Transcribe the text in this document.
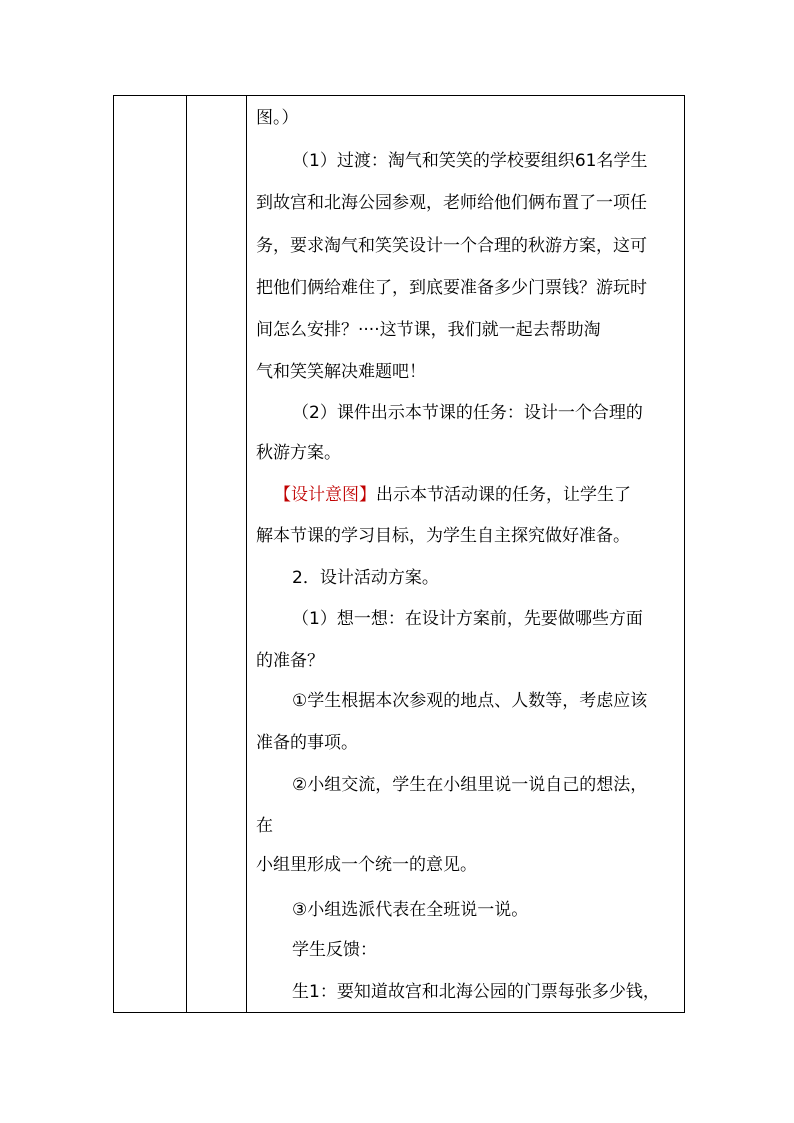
图。）
（1）过渡：淘气和笑笑的学校要组织61名学生
到故宫和北海公园参观，老师给他们俩布置了一项任
务，要求淘气和笑笑设计一个合理的秋游方案，这可
把他们俩给难住了，到底要准备多少门票钱？游玩时
间怎么安排？····这节课，我们就一起去帮助淘
气和笑笑解决难题吧！
（2）课件出示本节课的任务：设计一个合理的
秋游方案。
【设计意图】出示本节活动课的任务，让学生了
解本节课的学习目标，为学生自主探究做好准备。
2．设计活动方案。
（1）想一想：在设计方案前，先要做哪些方面
的准备？
①学生根据本次参观的地点、人数等，考虑应该
准备的事项。
②小组交流，学生在小组里说一说自己的想法，
在
小组里形成一个统一的意见。
③小组选派代表在全班说一说。
学生反馈：
生1：要知道故宫和北海公园的门票每张多少钱，
